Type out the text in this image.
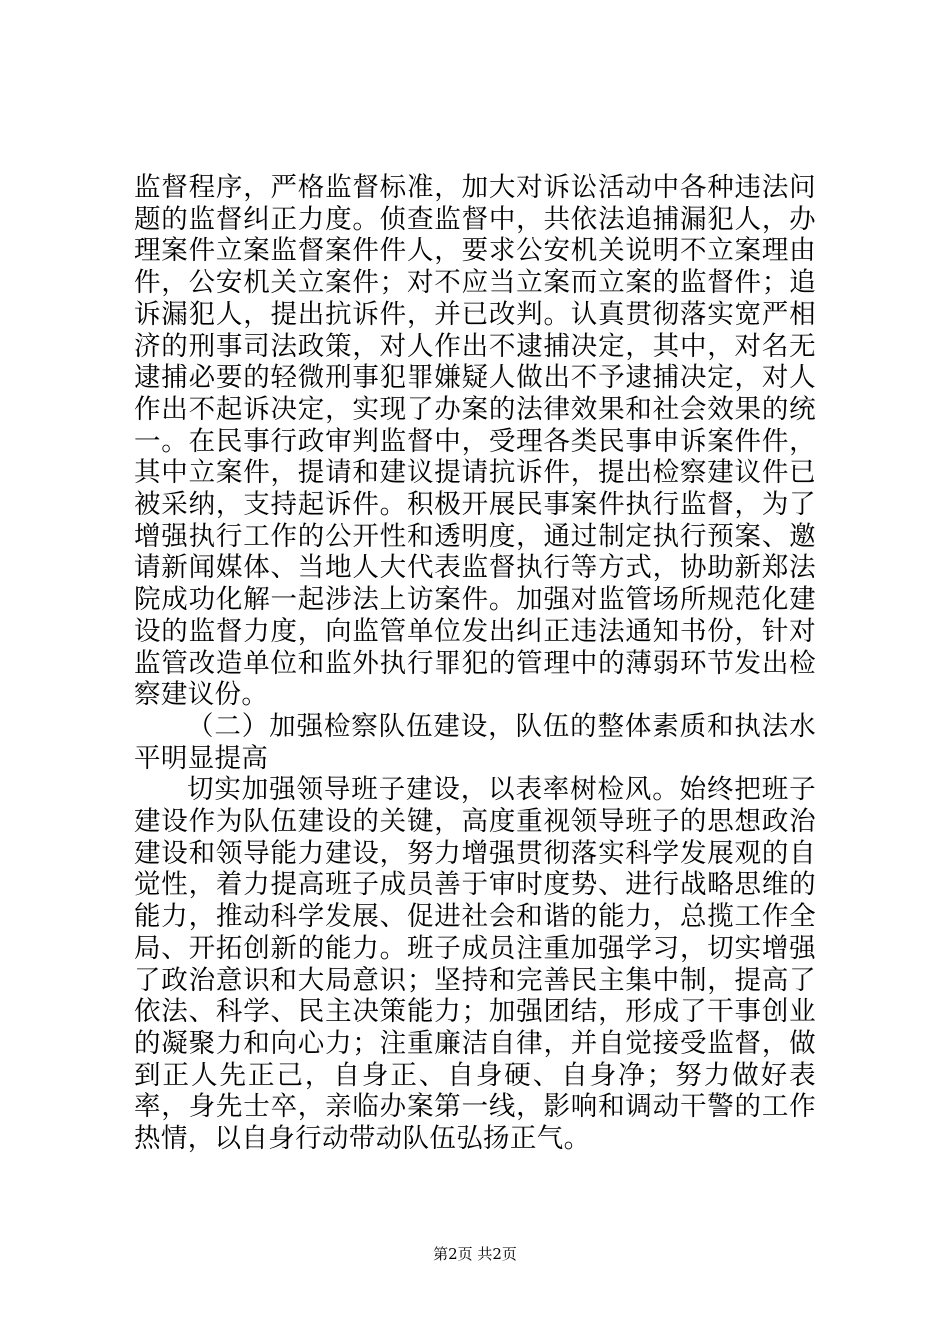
监督程序，严格监督标准，加大对诉讼活动中各种违法问题的监督纠正力度。侦查监督中，共依法追捕漏犯人，办理案件立案监督案件件人，要求公安机关说明不立案理由件，公安机关立案件；对不应当立案而立案的监督件；追诉漏犯人，提出抗诉件，并已改判。认真贯彻落实宽严相济的刑事司法政策，对人作出不逮捕决定，其中，对名无逮捕必要的轻微刑事犯罪嫌疑人做出不予逮捕决定，对人作出不起诉决定，实现了办案的法律效果和社会效果的统一。在民事行政审判监督中，受理各类民事申诉案件件，其中立案件，提请和建议提请抗诉件，提出检察建议件已被采纳，支持起诉件。积极开展民事案件执行监督，为了增强执行工作的公开性和透明度，通过制定执行预案、邀请新闻媒体、当地人大代表监督执行等方式，协助新郑法院成功化解一起涉法上访案件。加强对监管场所规范化建设的监督力度，向监管单位发出纠正违法通知书份，针对监管改造单位和监外执行罪犯的管理中的薄弱环节发出检察建议份。

（二）加强检察队伍建设，队伍的整体素质和执法水平明显提高

切实加强领导班子建设，以表率树检风。始终把班子建设作为队伍建设的关键，高度重视领导班子的思想政治建设和领导能力建设，努力增强贯彻落实科学发展观的自觉性，着力提高班子成员善于审时度势、进行战略思维的能力，推动科学发展、促进社会和谐的能力，总揽工作全局、开拓创新的能力。班子成员注重加强学习，切实增强了政治意识和大局意识；坚持和完善民主集中制，提高了依法、科学、民主决策能力；加强团结，形成了干事创业的凝聚力和向心力；注重廉洁自律，并自觉接受监督，做到正人先正己，自身正、自身硬、自身净；努力做好表率，身先士卒，亲临办案第一线，影响和调动干警的工作热情，以自身行动带动队伍弘扬正气。

第2页 共2页
